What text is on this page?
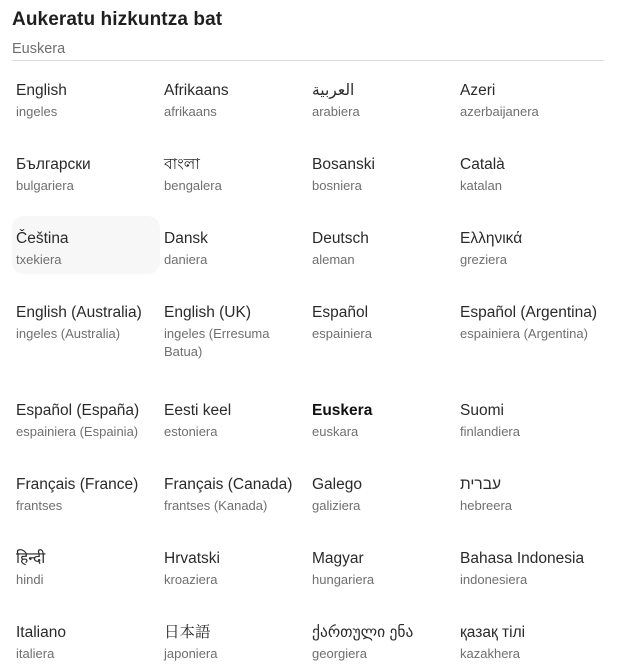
Aukeratu hizkuntza bat
Euskera
English
ingeles
Afrikaans
afrikaans
العربية
arabiera
Azeri
azerbaijanera
Български
bulgariera
বাংলা
bengalera
Bosanski
bosniera
Català
katalan
Čeština
txekiera
Dansk
daniera
Deutsch
aleman
Ελληνικά
greziera
English (Australia)
ingeles (Australia)
English (UK)
ingeles (Erresuma Batua)
Español
espainiera
Español (Argentina)
espainiera (Argentina)
Español (España)
espainiera (Espainia)
Eesti keel
estoniera
Euskera
euskara
Suomi
finlandiera
Français (France)
frantses
Français (Canada)
frantses (Kanada)
Galego
galiziera
עברית
hebreera
हिन्दी
hindi
Hrvatski
kroaziera
Magyar
hungariera
Bahasa Indonesia
indonesiera
Italiano
italiera
日本語
japoniera
ქართული ენა
georgiera
қазақ тілі
kazakhera
